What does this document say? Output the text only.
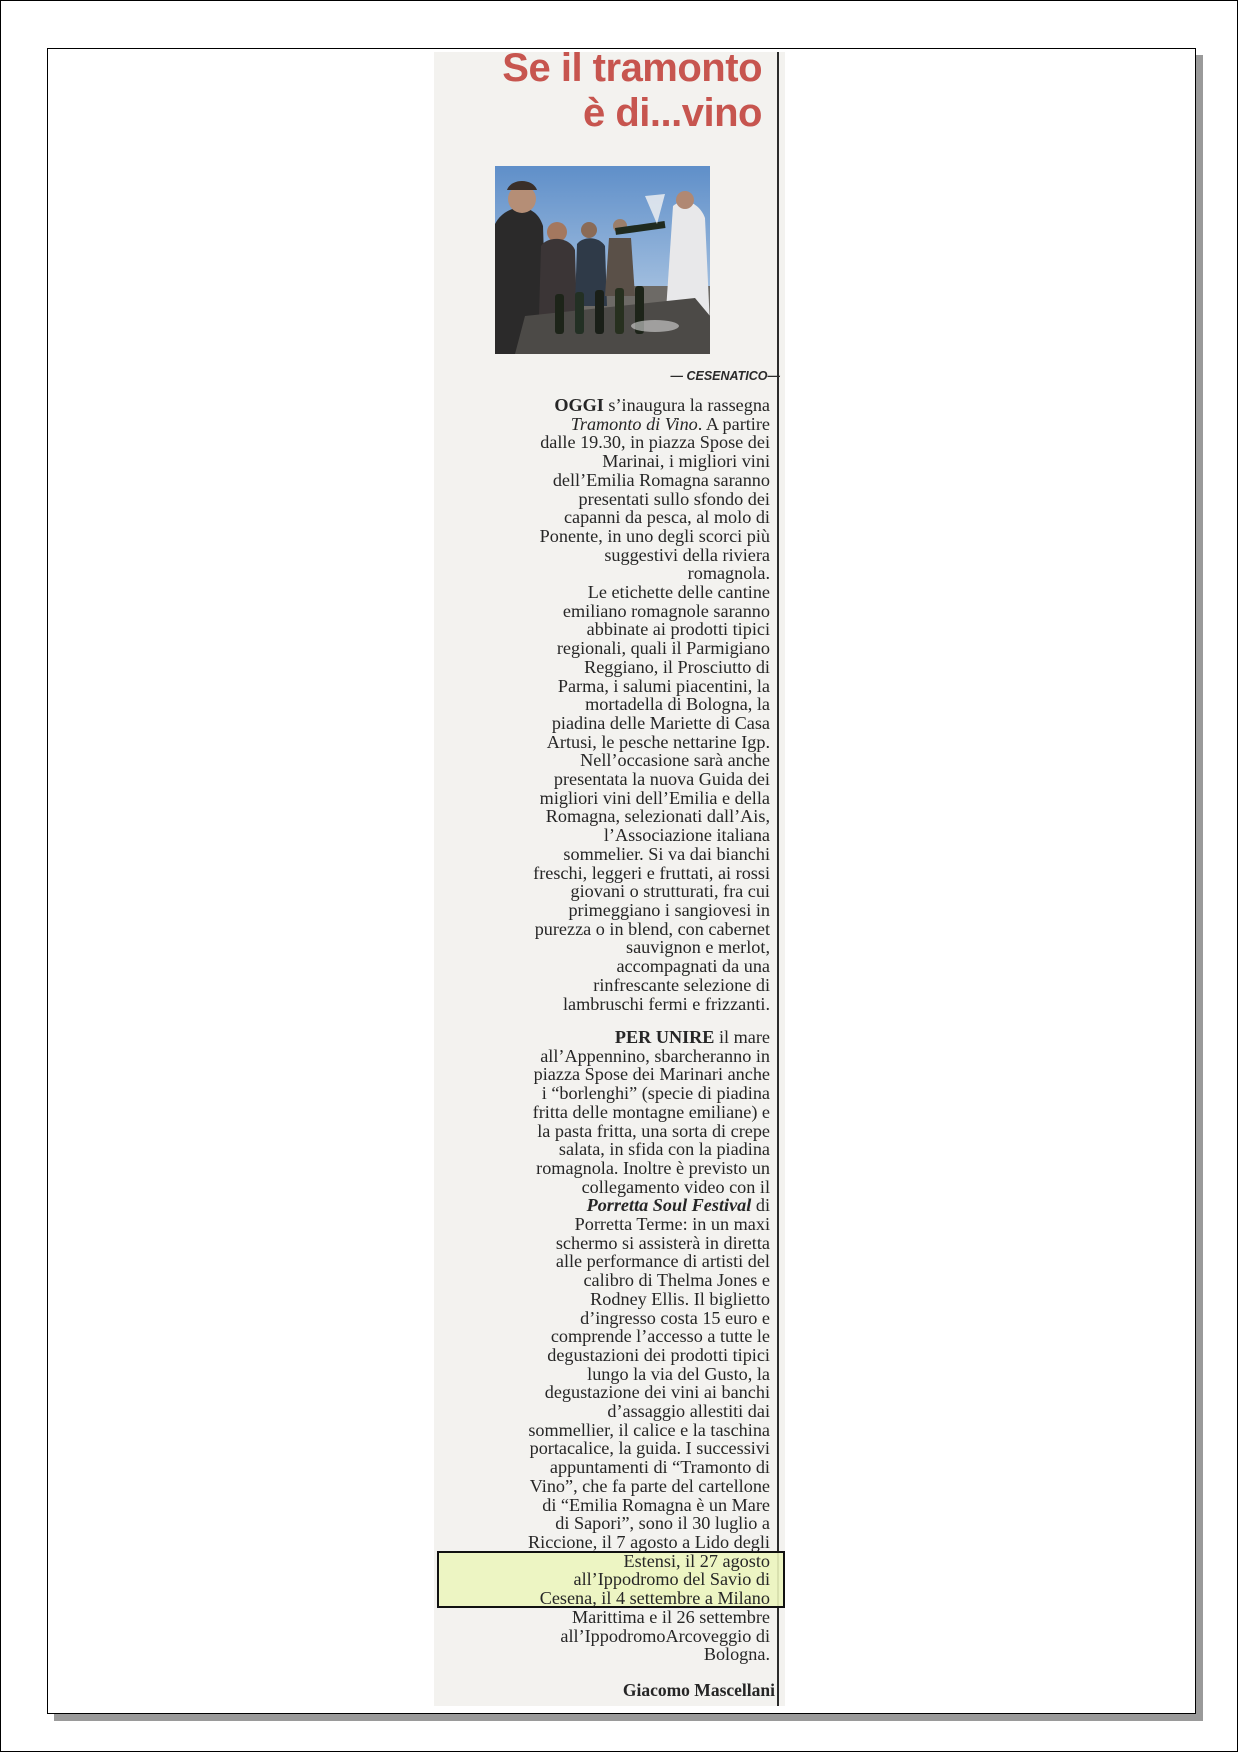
Se il tramonto
è di...vino
— CESENATICO—
OGGI s’inaugura la rassegna
Tramonto di Vino. A partire
dalle 19.30, in piazza Spose dei
Marinai, i migliori vini
dell’Emilia Romagna saranno
presentati sullo sfondo dei
capanni da pesca, al molo di
Ponente, in uno degli scorci più
suggestivi della riviera
romagnola.
Le etichette delle cantine
emiliano romagnole saranno
abbinate ai prodotti tipici
regionali, quali il Parmigiano
Reggiano, il Prosciutto di
Parma, i salumi piacentini, la
mortadella di Bologna, la
piadina delle Mariette di Casa
Artusi, le pesche nettarine Igp.
Nell’occasione sarà anche
presentata la nuova Guida dei
migliori vini dell’Emilia e della
Romagna, selezionati dall’Ais,
l’Associazione italiana
sommelier. Si va dai bianchi
freschi, leggeri e fruttati, ai rossi
giovani o strutturati, fra cui
primeggiano i sangiovesi in
purezza o in blend, con cabernet
sauvignon e merlot,
accompagnati da una
rinfrescante selezione di
lambruschi fermi e frizzanti.
PER UNIRE il mare
all’Appennino, sbarcheranno in
piazza Spose dei Marinari anche
i “borlenghi” (specie di piadina
fritta delle montagne emiliane) e
la pasta fritta, una sorta di crepe
salata, in sfida con la piadina
romagnola. Inoltre è previsto un
collegamento video con il
Porretta Soul Festival di
Porretta Terme: in un maxi
schermo si assisterà in diretta
alle performance di artisti del
calibro di Thelma Jones e
Rodney Ellis. Il biglietto
d’ingresso costa 15 euro e
comprende l’accesso a tutte le
degustazioni dei prodotti tipici
lungo la via del Gusto, la
degustazione dei vini ai banchi
d’assaggio allestiti dai
sommellier, il calice e la taschina
portacalice, la guida. I successivi
appuntamenti di “Tramonto di
Vino”, che fa parte del cartellone
di “Emilia Romagna è un Mare
di Sapori”, sono il 30 luglio a
Riccione, il 7 agosto a Lido degli
Estensi, il 27 agosto
all’Ippodromo del Savio di
Cesena, il 4 settembre a Milano
Marittima e il 26 settembre
all’IppodromoArcoveggio di
Bologna.
Giacomo Mascellani
